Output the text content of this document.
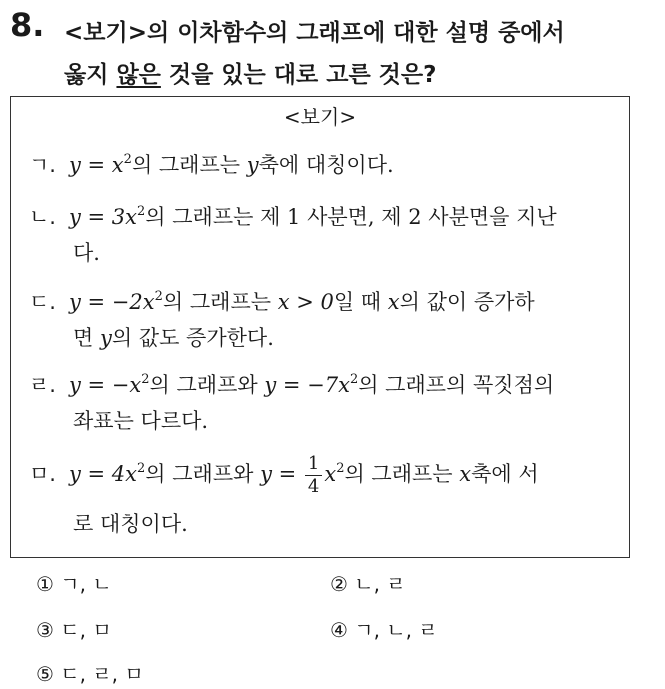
8. <보기>의 이차함수의 그래프에 대한 설명 중에서
옳지 않은 것을 있는 대로 고른 것은?
<보기>
ㄱ. $y = x^2$의 그래프는 y축에 대칭이다.
ㄴ. $y = 3x^2$의 그래프는 제 1 사분면, 제 2 사분면을 지난
다.
ㄷ. $y = -2x^2$의 그래프는 x > 0일 때 x의 값이 증가하
면 y의 값도 증가한다.
ㄹ. $y = -x^2$의 그래프와 $y = -7x^2$의 그래프의 꼭짓점의
좌표는 다르다.
ㅁ. $y = 4x^2$의 그래프와 $y = \frac{1}{4} x^2$의 그래프는 x축에 서
로 대칭이다.
① ㄱ, ㄴ	② ㄴ, ㄹ
③ ㄷ, ㅁ	④ ㄱ, ㄴ, ㄹ
⑤ ㄷ, ㄹ, ㅁ
